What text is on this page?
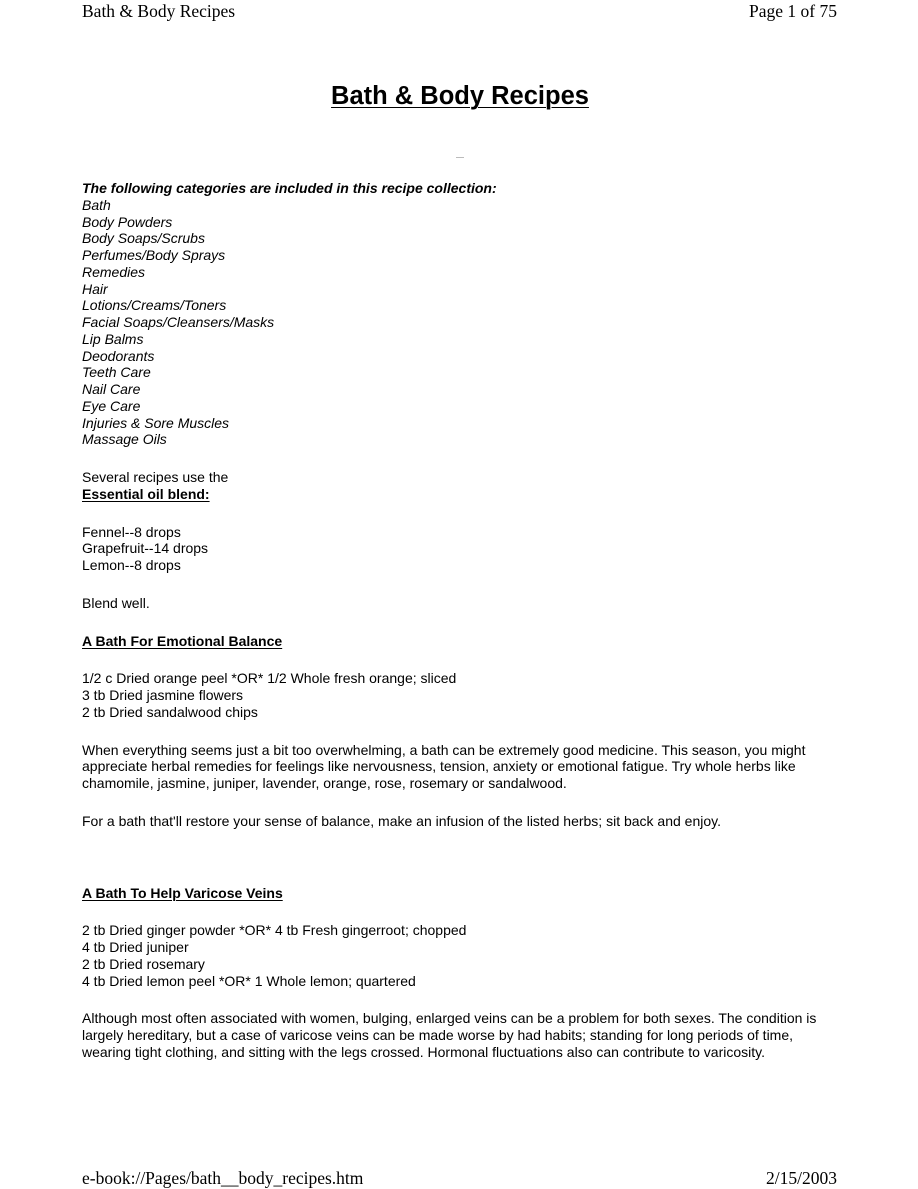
Bath & Body Recipes	Page 1 of 75
Bath & Body Recipes
The following categories are included in this recipe collection:
Bath
Body Powders
Body Soaps/Scrubs
Perfumes/Body Sprays
Remedies
Hair
Lotions/Creams/Toners
Facial Soaps/Cleansers/Masks
Lip Balms
Deodorants
Teeth Care
Nail Care
Eye Care
Injuries & Sore Muscles
Massage Oils
Several recipes use the
Essential oil blend:
Fennel--8 drops
Grapefruit--14 drops
Lemon--8 drops
Blend well.
A Bath For Emotional Balance
1/2 c Dried orange peel *OR* 1/2 Whole fresh orange; sliced
3 tb Dried jasmine flowers
2 tb Dried sandalwood chips

When everything seems just a bit too overwhelming, a bath can be extremely good medicine. This season, you might appreciate herbal remedies for feelings like nervousness, tension, anxiety or emotional fatigue. Try whole herbs like chamomile, jasmine, juniper, lavender, orange, rose, rosemary or sandalwood.

For a bath that'll restore your sense of balance, make an infusion of the listed herbs; sit back and enjoy.

A Bath To Help Varicose Veins
2 tb Dried ginger powder *OR* 4 tb Fresh gingerroot; chopped
4 tb Dried juniper
2 tb Dried rosemary
4 tb Dried lemon peel *OR* 1 Whole lemon; quartered

Although most often associated with women, bulging, enlarged veins can be a problem for both sexes. The condition is largely hereditary, but a case of varicose veins can be made worse by had habits; standing for long periods of time, wearing tight clothing, and sitting with the legs crossed. Hormonal fluctuations also can contribute to varicosity.

e-book://Pages/bath__body_recipes.htm	2/15/2003
